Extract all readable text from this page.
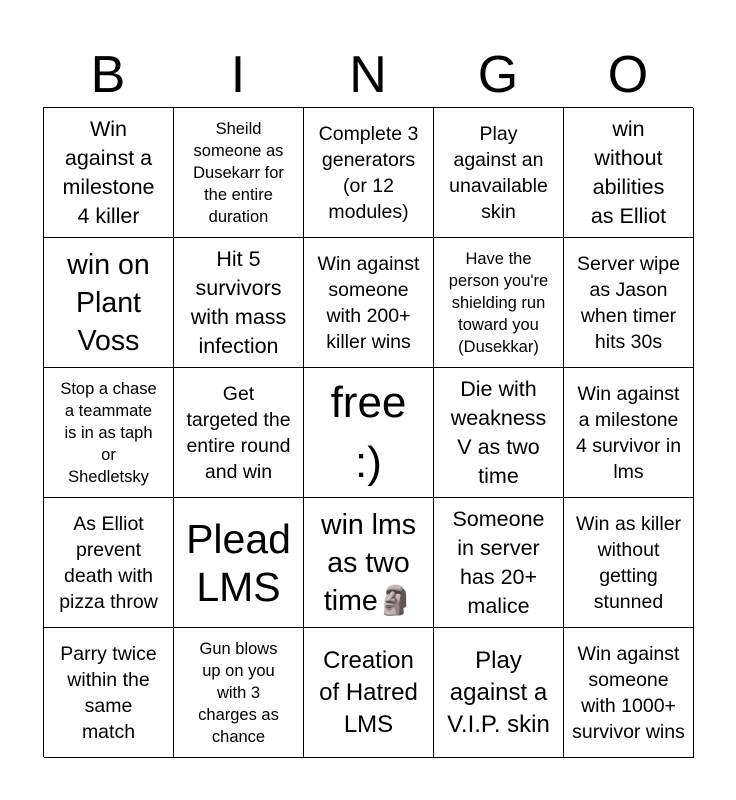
B	I	N	G	O
Win
against a
milestone
4 killer
Sheild
someone as
Dusekarr for
the entire
duration
Complete 3
generators
(or 12
modules)
Play
against an
unavailable
skin
win
without
abilities
as Elliot
win on
Plant
Voss
Hit 5
survivors
with mass
infection
Win against
someone
with 200+
killer wins
Have the
person you're
shielding run
toward you
(Dusekkar)
Server wipe
as Jason
when timer
hits 30s
Stop a chase
a teammate
is in as taph
or
Shedletsky
Get
targeted the
entire round
and win
free
:)
Die with
weakness
V as two
time
Win against
a milestone
4 survivor in
lms
As Elliot
prevent
death with
pizza throw
Plead
LMS
win lms
as two
time🗿
Someone
in server
has 20+
malice
Win as killer
without
getting
stunned
Parry twice
within the
same
match
Gun blows
up on you
with 3
charges as
chance
Creation
of Hatred
LMS
Play
against a
V.I.P. skin
Win against
someone
with 1000+
survivor wins
